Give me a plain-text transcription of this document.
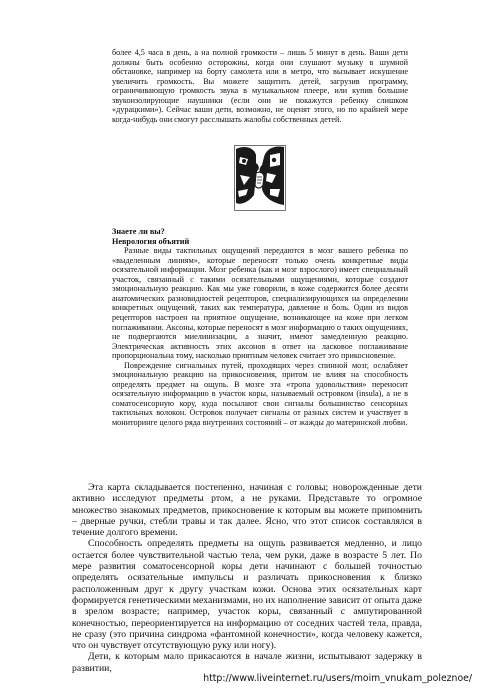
более 4,5 часа в день, а на полной громкости – лишь 5 минут в день. Ваши дети должны быть особенно осторожны, когда они слушают музыку в шумной обстановке, например на борту самолета или в метро, что вызывает искушение увеличить громкость. Вы можете защитить детей, загрузив программу, ограничивающую громкость звука в музыкальном плеере, или купив большие звукоизолирующие наушники (если они не покажутся ребенку слишком «дурацкими»). Сейчас ваши дети, возможно, не оценят этого, но по крайней мере когда-нибудь они смогут расслышать жалобы собственных детей.

Знаете ли вы?
Неврология объятий

Разные виды тактильных ощущений передаются в мозг вашего ребенка по «выделенным линиям», которые переносят только очень конкретные виды осязательной информации. Мозг ребенка (как и мозг взрослого) имеет специальный участок, связанный с такими осязательными ощущениями, которые создают эмоциональную реакцию. Как мы уже говорили, в коже содержится более десяти анатомических разновидностей рецепторов, специализирующихся на определении конкретных ощущений, таких как температура, давление и боль. Один из видов рецепторов настроен на приятное ощущение, возникающее на коже при легком поглаживании. Аксоны, которые переносят в мозг информацию о таких ощущениях, не подвергаются миелинизации, а значит, имеют замедленную реакцию. Электрическая активность этих аксонов в ответ на ласковое поглаживание пропорциональна тому, насколько приятным человек считает это прикосновение.

Повреждение сигнальных путей, проходящих через спинной мозг, ослабляет эмоциональную реакцию на прикосновения, притом не влияя на способность определять предмет на ощупь. В мозге эта «тропа удовольствия» переносит осязательную информацию в участок коры, называемый островком (insula), а не в соматосенсорную кору, куда посылают свои сигналы большинство сенсорных тактильных волокон. Островок получает сигналы от разных систем и участвует в мониторинге целого ряда внутренних состояний – от жажды до материнской любви.

Эта карта складывается постепенно, начиная с головы; новорожденные дети активно исследуют предметы ртом, а не руками. Представьте то огромное множество знакомых предметов, прикосновение к которым вы можете припомнить – дверные ручки, стебли травы и так далее. Ясно, что этот список составлялся в течение долгого времени.

Способность определять предметы на ощупь развивается медленно, и лицо остается более чувствительной частью тела, чем руки, даже в возрасте 5 лет. По мере развития соматосенсорной коры дети начинают с большей точностью определять осязательные импульсы и различать прикосновения к близко расположенным друг к другу участкам кожи. Основа этих осязательных карт формируется генетическими механизмами, но их наполнение зависит от опыта даже в зрелом возрасте; например, участок коры, связанный с ампутированной конечностью, переориентируется на информацию от соседних частей тела, правда, не сразу (это причина синдрома «фантомной конечности», когда человеку кажется, что он чувствует отсутствующую руку или ногу).

Дети, к которым мало прикасаются в начале жизни, испытывают задержку в развитии,

http://www.liveinternet.ru/users/moim_vnukam_poleznoe/
